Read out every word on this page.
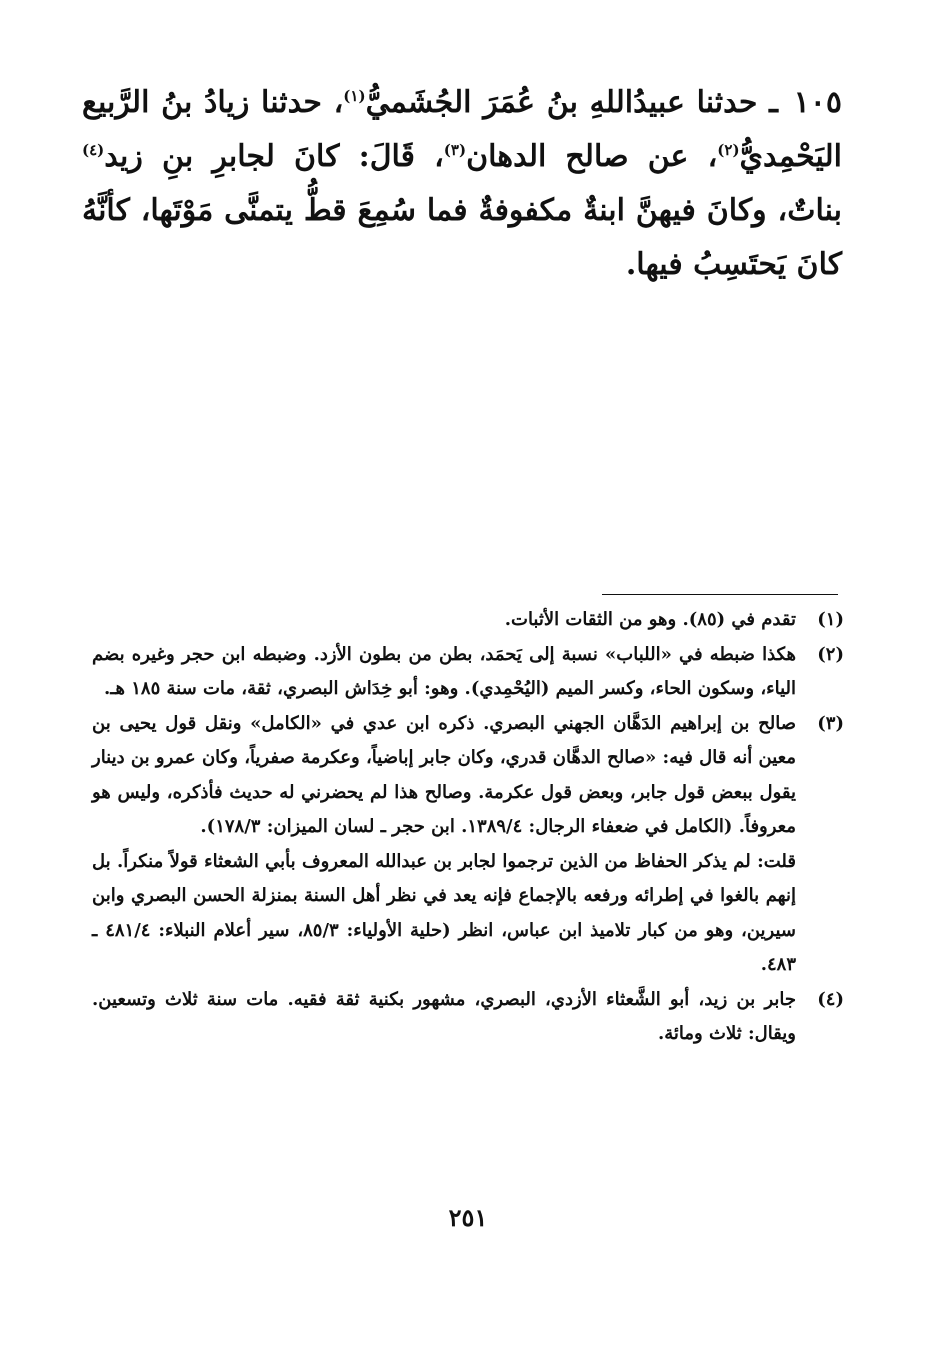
١٠٥ ـ حدثنا عبيدُاللهِ بنُ عُمَرَ الجُشَميُّ$^{(١)}$، حدثنا زيادُ بنُ الرَّبيع اليَحْمِديُّ$^{(٢)}$، عن صالح الدهان$^{(٣)}$، قَالَ: كانَ لجابرِ بنِ زيد$^{(٤)}$ بناتٌ، وكانَ فيهنَّ ابنةٌ مكفوفةٌ فما سُمِعَ قطُّ يتمنَّى مَوْتَها، كأنَّهُ كانَ يَحتَسِبُ فيها.
(١)
تقدم في (٨٥). وهو من الثقات الأثبات.
(٢)
هكذا ضبطه في «اللباب» نسبة إلى يَحمَد، بطن من بطون الأزد. وضبطه ابن حجر وغيره بضم الياء، وسكون الحاء، وكسر الميم (اليُحْمِدي). وهو: أبو خِدَاش البصري، ثقة، مات سنة ١٨٥ هـ.
(٣)
صالح بن إبراهيم الدَهَّان الجهني البصري. ذكره ابن عدي في «الكامل» ونقل قول يحيى بن معين أنه قال فيه: «صالح الدهَّان قدري، وكان جابر إباضياً، وعكرمة صفرياً، وكان عمرو بن دينار يقول ببعض قول جابر، وبعض قول عكرمة. وصالح هذا لم يحضرني له حديث فأذكره، وليس هو معروفاً. (الكامل في ضعفاء الرجال: ١٣٨٩/٤. ابن حجر ـ لسان الميزان: ١٧٨/٣).
قلت: لم يذكر الحفاظ من الذين ترجموا لجابر بن عبدالله المعروف بأبي الشعثاء قولاً منكراً. بل إنهم بالغوا في إطرائه ورفعه بالإجماع فإنه يعد في نظر أهل السنة بمنزلة الحسن البصري وابن سيرين، وهو من كبار تلاميذ ابن عباس، انظر (حلية الأولياء: ٨٥/٣، سير أعلام النبلاء: ٤٨١/٤ ـ ٤٨٣.
(٤)
جابر بن زيد، أبو الشَّعثاء الأزدي، البصري، مشهور بكنية ثقة فقيه. مات سنة ثلاث وتسعين. ويقال: ثلاث ومائة.
٢٥١
